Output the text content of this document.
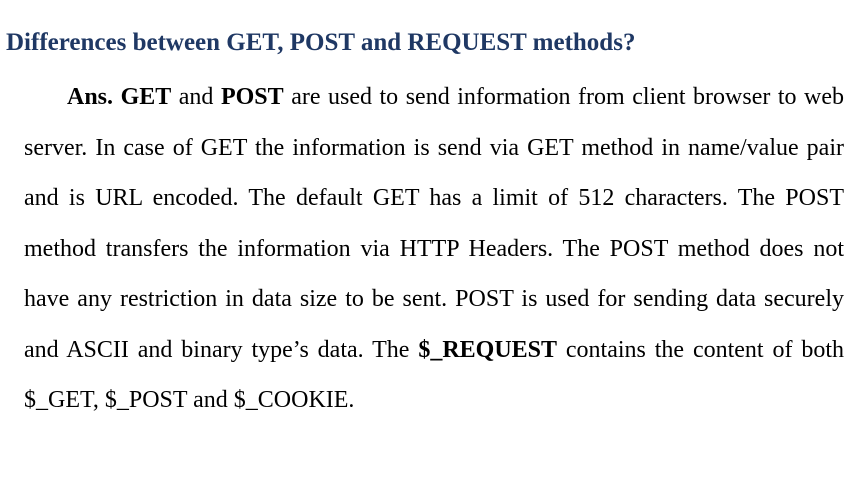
Differences between GET, POST and REQUEST methods?

Ans. GET and POST are used to send information from client browser to web server. In case of GET the information is send via GET method in name/value pair and is URL encoded. The default GET has a limit of 512 characters. The POST method transfers the information via HTTP Headers. The POST method does not have any restriction in data size to be sent. POST is used for sending data securely and ASCII and binary type’s data. The $_REQUEST contains the content of both $_GET, $_POST and $_COOKIE.
